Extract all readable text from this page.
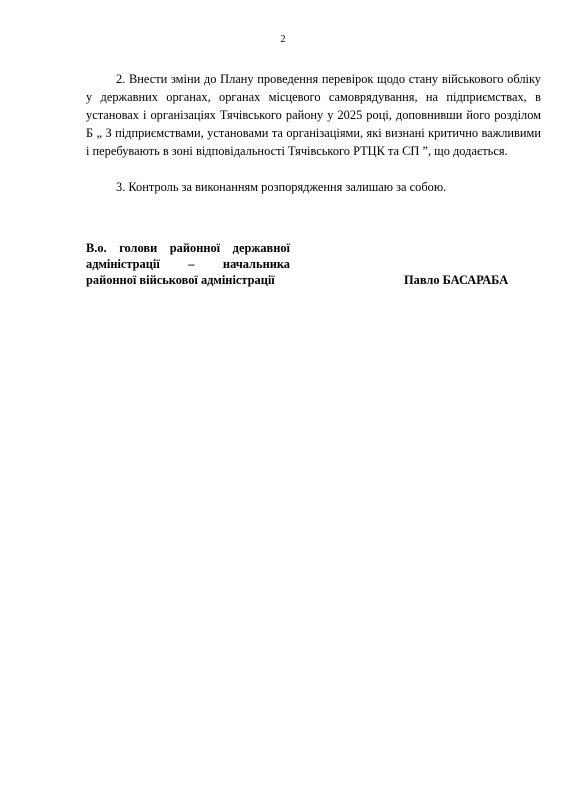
2

2. Внести зміни до Плану проведення перевірок щодо стану військового обліку у державних органах, органах місцевого самоврядування, на підприємствах, в установах і організаціях Тячівського району у 2025 році, доповнивши його розділом Б „ З підприємствами, установами та організаціями, які визнані критично важливими і перебувають в зоні відповідальності Тячівського РТЦК та СП ”, що додається.

3. Контроль за виконанням розпорядження залишаю за собою.

В.о. голови районної державної
адміністрації – начальника
районної військової адміністрації	Павло БАСАРАБА
